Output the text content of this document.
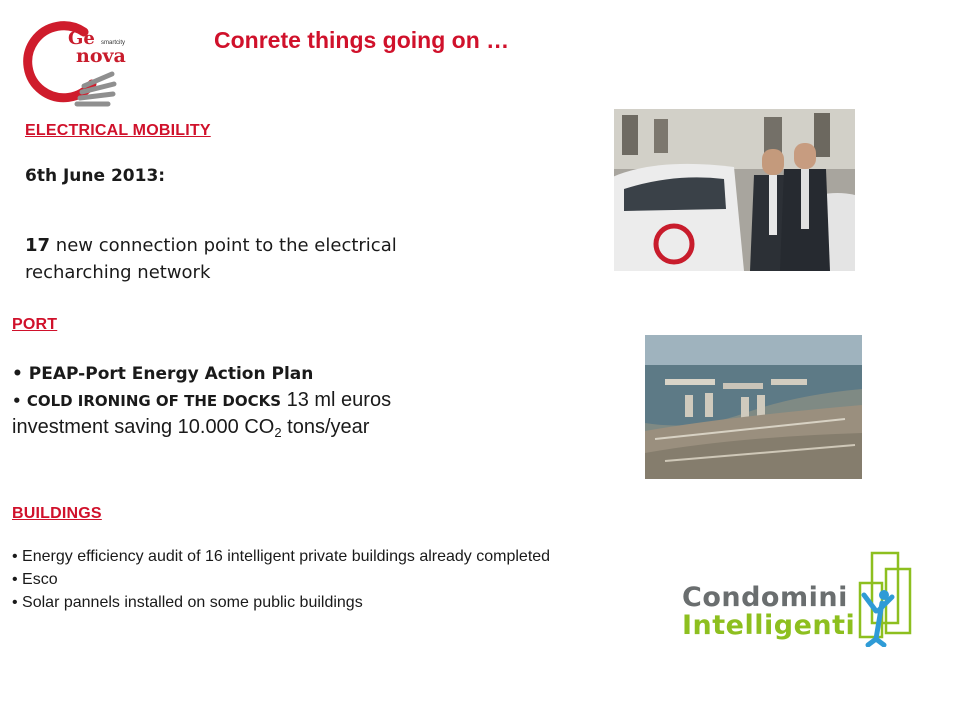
Ge smartcity
nova
Conrete things going on …
ELECTRICAL MOBILITY
6th June 2013:
17 new connection point to the electrical recharching network
PORT
• PEAP-Port Energy Action Plan
• COLD IRONING OF THE DOCKS 13 ml euros
investment saving 10.000 $CO_2$ tons/year
BUILDINGS
• Energy efficiency audit of 16 intelligent private buildings already completed
• Esco
• Solar pannels installed on some public buildings	Condomini
Intelligenti
